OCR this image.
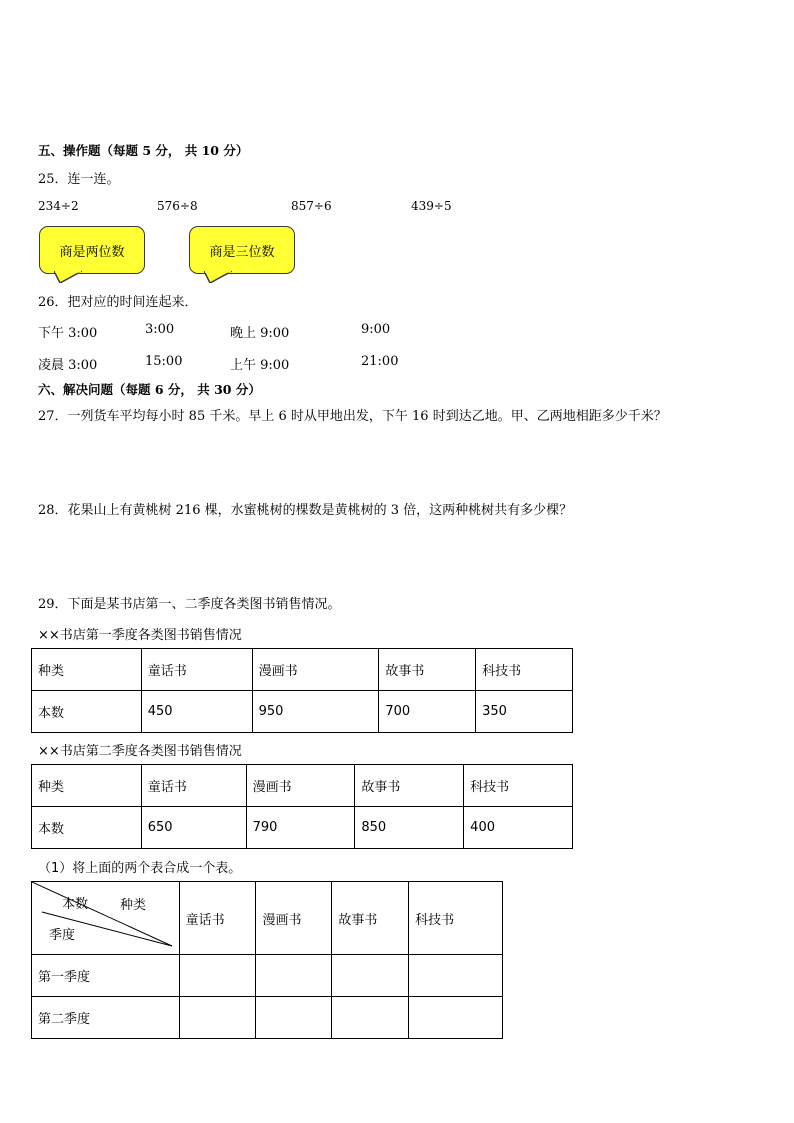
五、操作题（每题 5 分， 共 10 分）
25．连一连。
234÷2	576÷8	857÷6	439÷5
商是两位数	商是三位数
26．把对应的时间连起来．
下午 3:00	3:00	晚上 9:00	9:00
凌晨 3:00	15:00	上午 9:00	21:00
六、解决问题（每题 6 分， 共 30 分）
27．一列货车平均每小时 85 千米。早上 6 时从甲地出发，下午 16 时到达乙地。甲、乙两地相距多少千米？
28．花果山上有黄桃树 216 棵，水蜜桃树的棵数是黄桃树的 3 倍，这两种桃树共有多少棵？
29．下面是某书店第一、二季度各类图书销售情况。
××书店第一季度各类图书销售情况
种类	童话书	漫画书	故事书	科技书
本数	450	950	700	350
××书店第二季度各类图书销售情况
种类	童话书	漫画书	故事书	科技书
本数	650	790	850	400
（1）将上面的两个表合成一个表。
本数 种类
季度	童话书	漫画书	故事书	科技书
第一季度				
第二季度				
